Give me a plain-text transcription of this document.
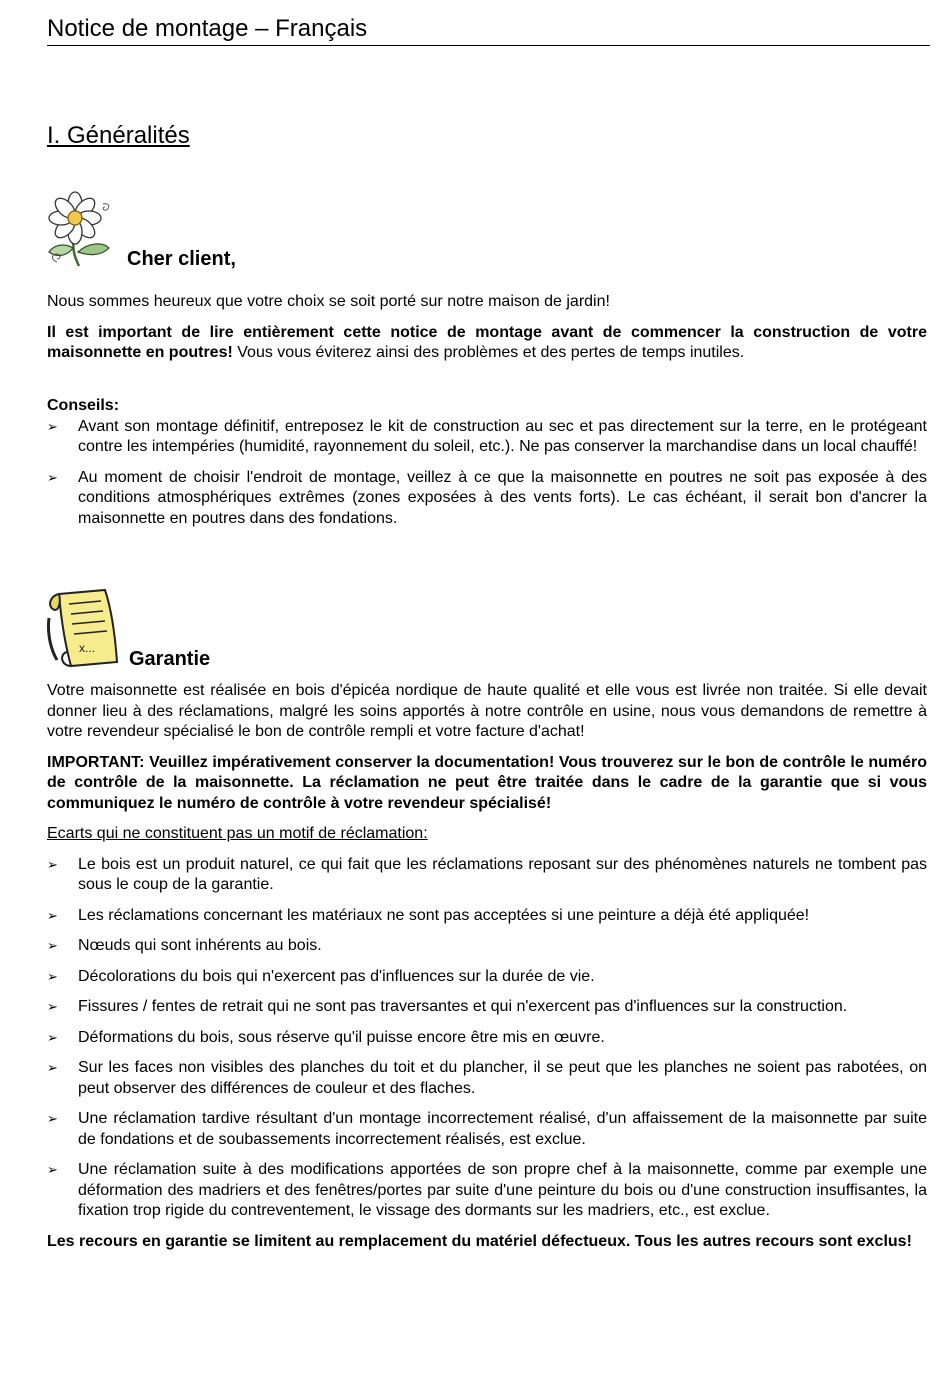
Notice de montage – Français
I. Généralités
Cher client,

Nous sommes heureux que votre choix se soit porté sur notre maison de jardin!

Il est important de lire entièrement cette notice de montage avant de commencer la construction de votre maisonnette en poutres! Vous vous éviterez ainsi des problèmes et des pertes de temps inutiles.

Conseils:

➢	Avant son montage définitif, entreposez le kit de construction au sec et pas directement sur la terre, en le protégeant contre les intempéries (humidité, rayonnement du soleil, etc.). Ne pas conserver la marchandise dans un local chauffé!
➢	Au moment de choisir l'endroit de montage, veillez à ce que la maisonnette en poutres ne soit pas exposée à des conditions atmosphériques extrêmes (zones exposées à des vents forts). Le cas échéant, il serait bon d'ancrer la maisonnette en poutres dans des fondations.
x... Garantie

Votre maisonnette est réalisée en bois d'épicéa nordique de haute qualité et elle vous est livrée non traitée. Si elle devait donner lieu à des réclamations, malgré les soins apportés à notre contrôle en usine, nous vous demandons de remettre à votre revendeur spécialisé le bon de contrôle rempli et votre facture d'achat!

IMPORTANT: Veuillez impérativement conserver la documentation! Vous trouverez sur le bon de contrôle le numéro de contrôle de la maisonnette. La réclamation ne peut être traitée dans le cadre de la garantie que si vous communiquez le numéro de contrôle à votre revendeur spécialisé!

Ecarts qui ne constituent pas un motif de réclamation:

➢	Le bois est un produit naturel, ce qui fait que les réclamations reposant sur des phénomènes naturels ne tombent pas sous le coup de la garantie.
➢	Les réclamations concernant les matériaux ne sont pas acceptées si une peinture a déjà été appliquée!
➢	Nœuds qui sont inhérents au bois.
➢	Décolorations du bois qui n'exercent pas d'influences sur la durée de vie.
➢	Fissures / fentes de retrait qui ne sont pas traversantes et qui n'exercent pas d'influences sur la construction.
➢	Déformations du bois, sous réserve qu'il puisse encore être mis en œuvre.
➢	Sur les faces non visibles des planches du toit et du plancher, il se peut que les planches ne soient pas rabotées, on peut observer des différences de couleur et des flaches.
➢	Une réclamation tardive résultant d'un montage incorrectement réalisé, d'un affaissement de la maisonnette par suite de fondations et de soubassements incorrectement réalisés, est exclue.
➢	Une réclamation suite à des modifications apportées de son propre chef à la maisonnette, comme par exemple une déformation des madriers et des fenêtres/portes par suite d'une peinture du bois ou d'une construction insuffisantes, la fixation trop rigide du contreventement, le vissage des dormants sur les madriers, etc., est exclue.

Les recours en garantie se limitent au remplacement du matériel défectueux. Tous les autres recours sont exclus!
